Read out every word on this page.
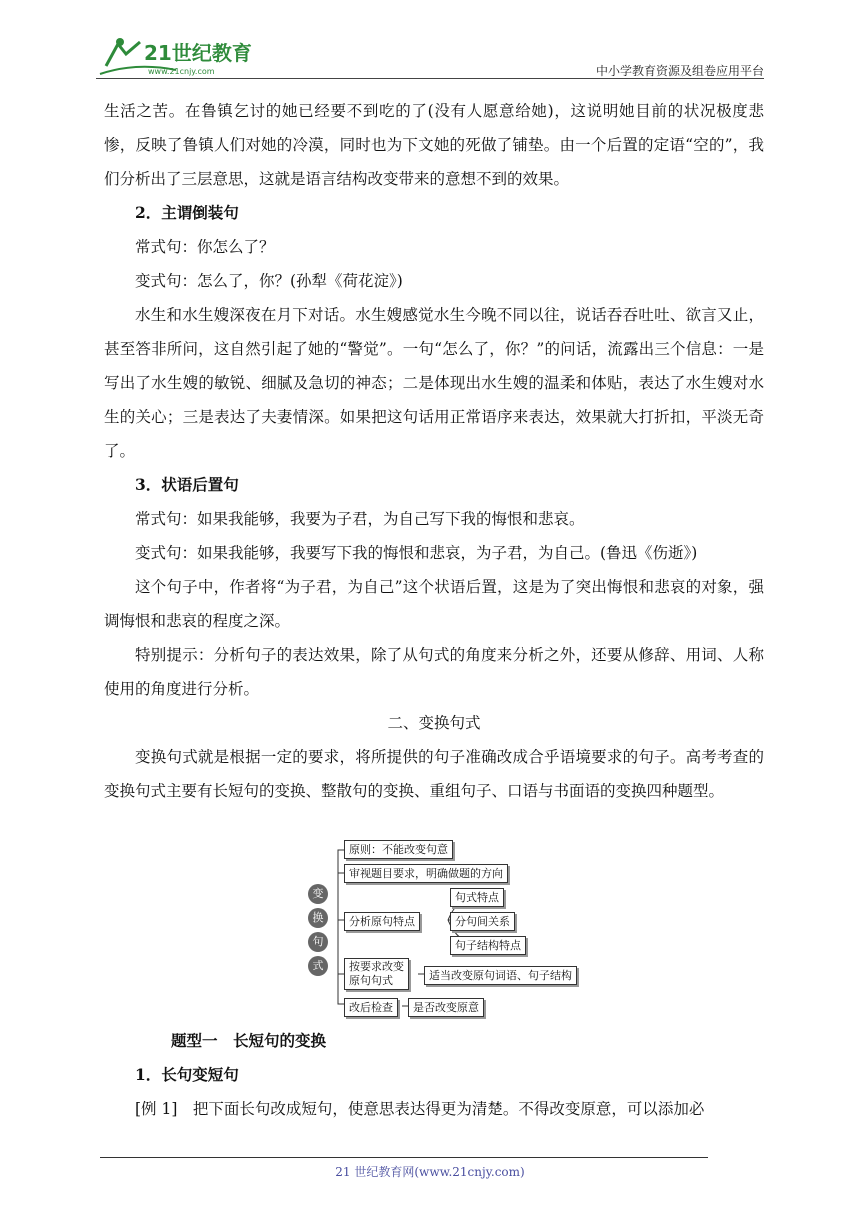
21世纪教育
www.21cnjy.com	中小学教育资源及组卷应用平台

生活之苦。在鲁镇乞讨的她已经要不到吃的了(没有人愿意给她)，这说明她目前的状况极度悲惨，反映了鲁镇人们对她的冷漠，同时也为下文她的死做了铺垫。由一个后置的定语“空的”，我们分析出了三层意思，这就是语言结构改变带来的意想不到的效果。

2．主谓倒装句

常式句：你怎么了？

变式句：怎么了，你？(孙犁《荷花淀》)

水生和水生嫂深夜在月下对话。水生嫂感觉水生今晚不同以往，说话吞吞吐吐、欲言又止，甚至答非所问，这自然引起了她的“警觉”。一句“怎么了，你？”的问话，流露出三个信息：一是写出了水生嫂的敏锐、细腻及急切的神态；二是体现出水生嫂的温柔和体贴，表达了水生嫂对水生的关心；三是表达了夫妻情深。如果把这句话用正常语序来表达，效果就大打折扣，平淡无奇了。

3．状语后置句

常式句：如果我能够，我要为子君，为自己写下我的悔恨和悲哀。

变式句：如果我能够，我要写下我的悔恨和悲哀，为子君，为自己。(鲁迅《伤逝》)

这个句子中，作者将“为子君，为自己”这个状语后置，这是为了突出悔恨和悲哀的对象，强调悔恨和悲哀的程度之深。

特别提示：分析句子的表达效果，除了从句式的角度来分析之外，还要从修辞、用词、人称使用的角度进行分析。

二、变换句式

变换句式就是根据一定的要求，将所提供的句子准确改成合乎语境要求的句子。高考考查的变换句式主要有长短句的变换、整散句的变换、重组句子、口语与书面语的变换四种题型。

变
换
句
式
原则：不能改变句意
审视题目要求，明确做题的方向
分析原句特点
句式特点
分句间关系
句子结构特点
按要求改变
原句句式	适当改变原句词语、句子结构
改后检查	是否改变原意

题型一　长短句的变换

1．长句变短句

[例 1]　把下面长句改成短句，使意思表达得更为清楚。不得改变原意，可以添加必

21 世纪教育网(www.21cnjy.com)
